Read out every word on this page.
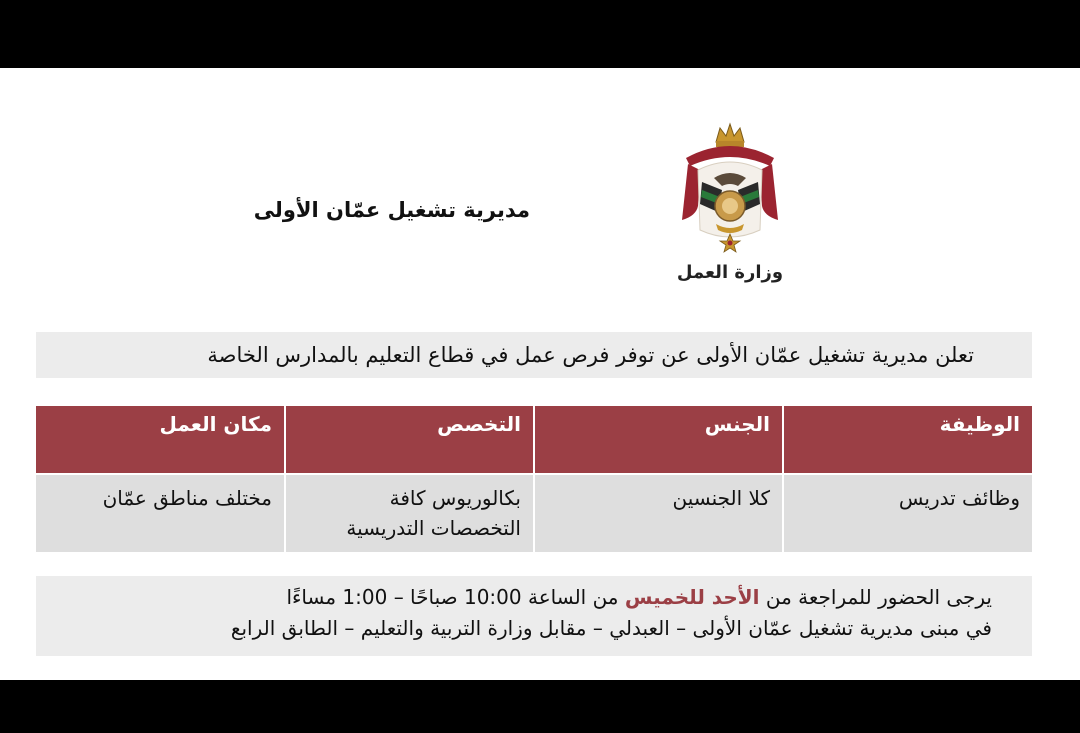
وزارة العمل
مديرية تشغيل عمّان الأولى
تعلن مديرية تشغيل عمّان الأولى عن توفر فرص عمل في قطاع التعليم بالمدارس الخاصة
الوظيفة	الجنس	التخصص	مكان العمل
وظائف تدريس	كلا الجنسين	بكالوريوس كافة التخصصات التدريسية	مختلف مناطق عمّان
يرجى الحضور للمراجعة من الأحد للخميس من الساعة 10:00 صباحًا – 1:00 مساءًا
في مبنى مديرية تشغيل عمّان الأولى – العبدلي – مقابل وزارة التربية والتعليم – الطابق الرابع
